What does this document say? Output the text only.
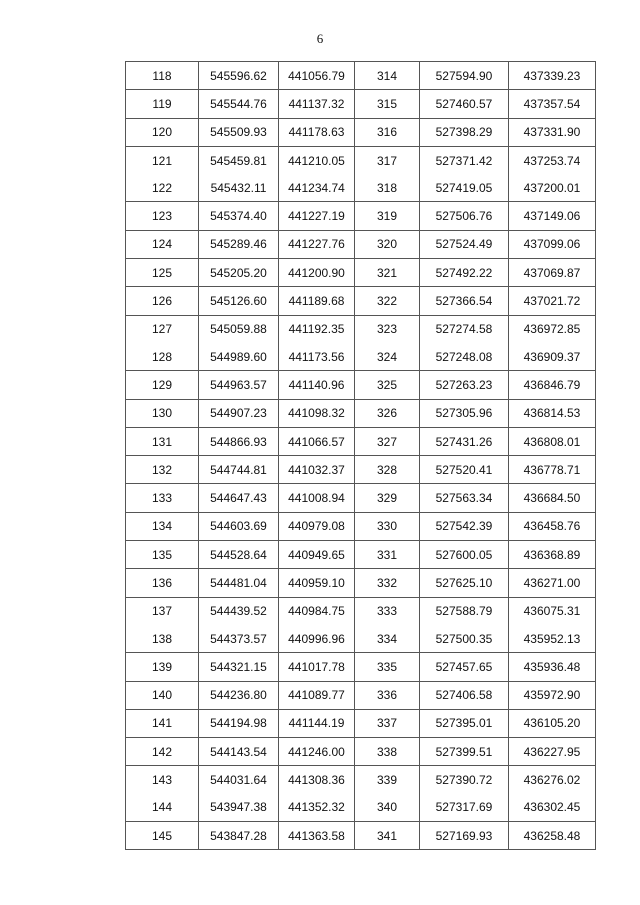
6
118	545596.62	441056.79	314	527594.90	437339.23
119	545544.76	441137.32	315	527460.57	437357.54
120	545509.93	441178.63	316	527398.29	437331.90
121	545459.81	441210.05	317	527371.42	437253.74
122	545432.11	441234.74	318	527419.05	437200.01
123	545374.40	441227.19	319	527506.76	437149.06
124	545289.46	441227.76	320	527524.49	437099.06
125	545205.20	441200.90	321	527492.22	437069.87
126	545126.60	441189.68	322	527366.54	437021.72
127	545059.88	441192.35	323	527274.58	436972.85
128	544989.60	441173.56	324	527248.08	436909.37
129	544963.57	441140.96	325	527263.23	436846.79
130	544907.23	441098.32	326	527305.96	436814.53
131	544866.93	441066.57	327	527431.26	436808.01
132	544744.81	441032.37	328	527520.41	436778.71
133	544647.43	441008.94	329	527563.34	436684.50
134	544603.69	440979.08	330	527542.39	436458.76
135	544528.64	440949.65	331	527600.05	436368.89
136	544481.04	440959.10	332	527625.10	436271.00
137	544439.52	440984.75	333	527588.79	436075.31
138	544373.57	440996.96	334	527500.35	435952.13
139	544321.15	441017.78	335	527457.65	435936.48
140	544236.80	441089.77	336	527406.58	435972.90
141	544194.98	441144.19	337	527395.01	436105.20
142	544143.54	441246.00	338	527399.51	436227.95
143	544031.64	441308.36	339	527390.72	436276.02
144	543947.38	441352.32	340	527317.69	436302.45
145	543847.28	441363.58	341	527169.93	436258.48
